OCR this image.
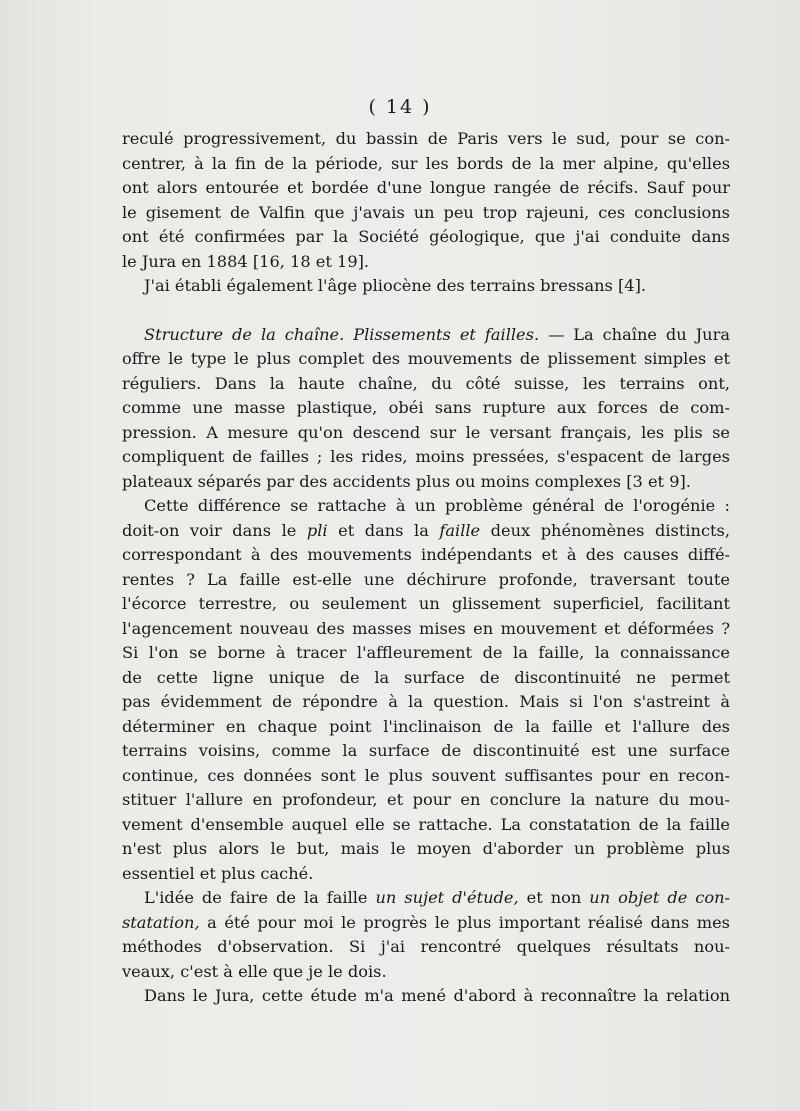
( 14 )
reculé progressivement, du bassin de Paris vers le sud, pour se con-
centrer, à la fin de la période, sur les bords de la mer alpine, qu'elles
ont alors entourée et bordée d'une longue rangée de récifs. Sauf pour
le gisement de Valfin que j'avais un peu trop rajeuni, ces conclusions
ont été confirmées par la Société géologique, que j'ai conduite dans
le Jura en 1884 [16, 18 et 19].
J'ai établi également l'âge pliocène des terrains bressans [4].
Structure de la chaîne. Plissements et failles. — La chaîne du Jura
offre le type le plus complet des mouvements de plissement simples et
réguliers. Dans la haute chaîne, du côté suisse, les terrains ont,
comme une masse plastique, obéi sans rupture aux forces de com-
pression. A mesure qu'on descend sur le versant français, les plis se
compliquent de failles ; les rides, moins pressées, s'espacent de larges
plateaux séparés par des accidents plus ou moins complexes [3 et 9].
Cette différence se rattache à un problème général de l'orogénie :
doit-on voir dans le pli et dans la faille deux phénomènes distincts,
correspondant à des mouvements indépendants et à des causes diffé-
rentes ? La faille est-elle une déchirure profonde, traversant toute
l'écorce terrestre, ou seulement un glissement superficiel, facilitant
l'agencement nouveau des masses mises en mouvement et déformées ?
Si l'on se borne à tracer l'affleurement de la faille, la connaissance
de cette ligne unique de la surface de discontinuité ne permet
pas évidemment de répondre à la question. Mais si l'on s'astreint à
déterminer en chaque point l'inclinaison de la faille et l'allure des
terrains voisins, comme la surface de discontinuité est une surface
continue, ces données sont le plus souvent suffisantes pour en recon-
stituer l'allure en profondeur, et pour en conclure la nature du mou-
vement d'ensemble auquel elle se rattache. La constatation de la faille
n'est plus alors le but, mais le moyen d'aborder un problème plus
essentiel et plus caché.
L'idée de faire de la faille un sujet d'étude, et non un objet de con-
statation, a été pour moi le progrès le plus important réalisé dans mes
méthodes d'observation. Si j'ai rencontré quelques résultats nou-
veaux, c'est à elle que je le dois.
Dans le Jura, cette étude m'a mené d'abord à reconnaître la relation
